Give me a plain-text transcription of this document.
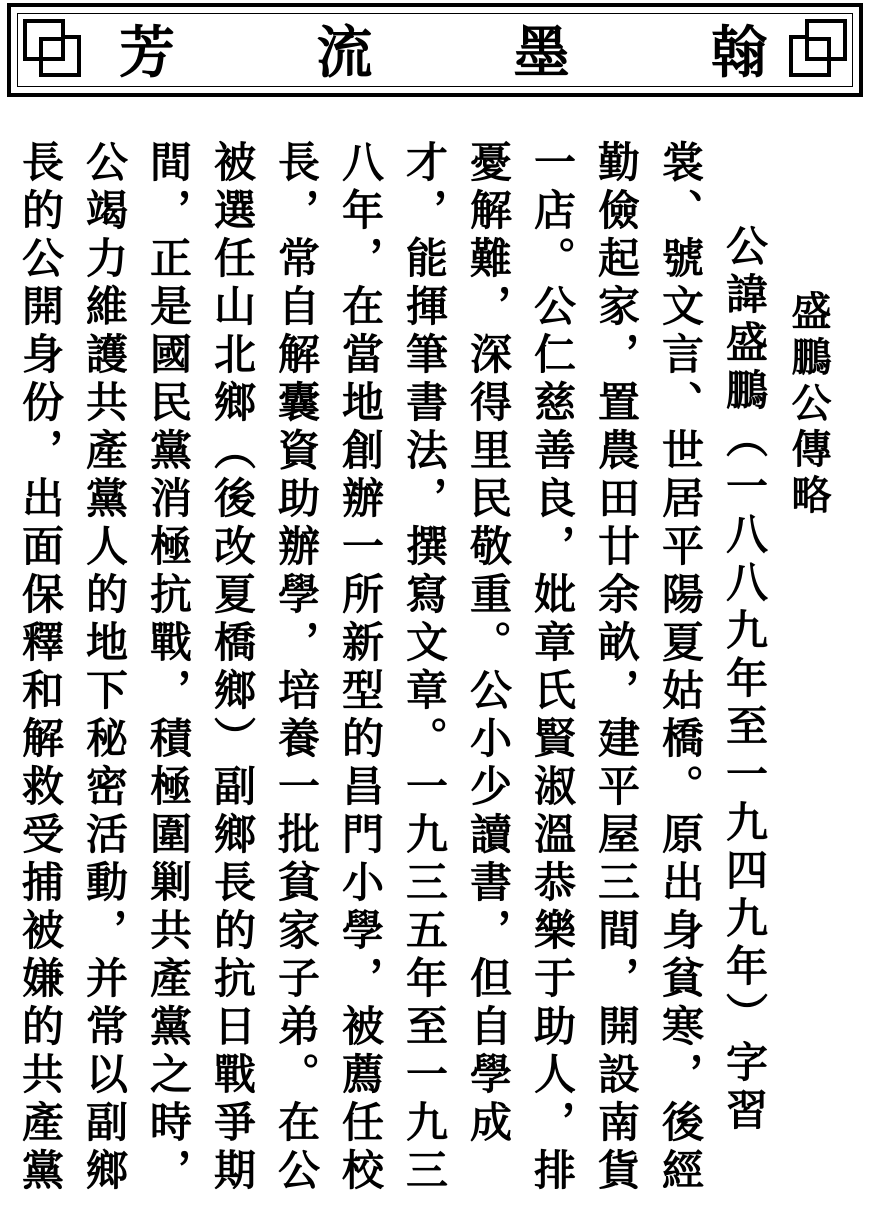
芳	流	墨	翰
盛鵬公傳略
公諱盛鵬（一八八九年至一九四九年）字習裳、號文言、世居平陽夏姑橋。原出身貧寒，後經勤儉起家，置農田廿余畝，建平屋三間，開設南貨一店。公仁慈善良，妣章氏賢淑溫恭樂于助人，排憂解難，深得里民敬重。公小少讀書，但自學成才，能揮筆書法，撰寫文章。一九三五年至一九三八年，在當地創辦一所新型的昌門小學，被薦任校長，常自解囊資助辦學，培養一批貧家子弟。在公被選任山北鄉（後改夏橋鄉）副鄉長的抗日戰爭期間，正是國民黨消極抗戰，積極圍剿共產黨之時，公竭力維護共產黨人的地下秘密活動，并常以副鄉長的公開身份，出面保釋和解救受捕被嫌的共產黨
